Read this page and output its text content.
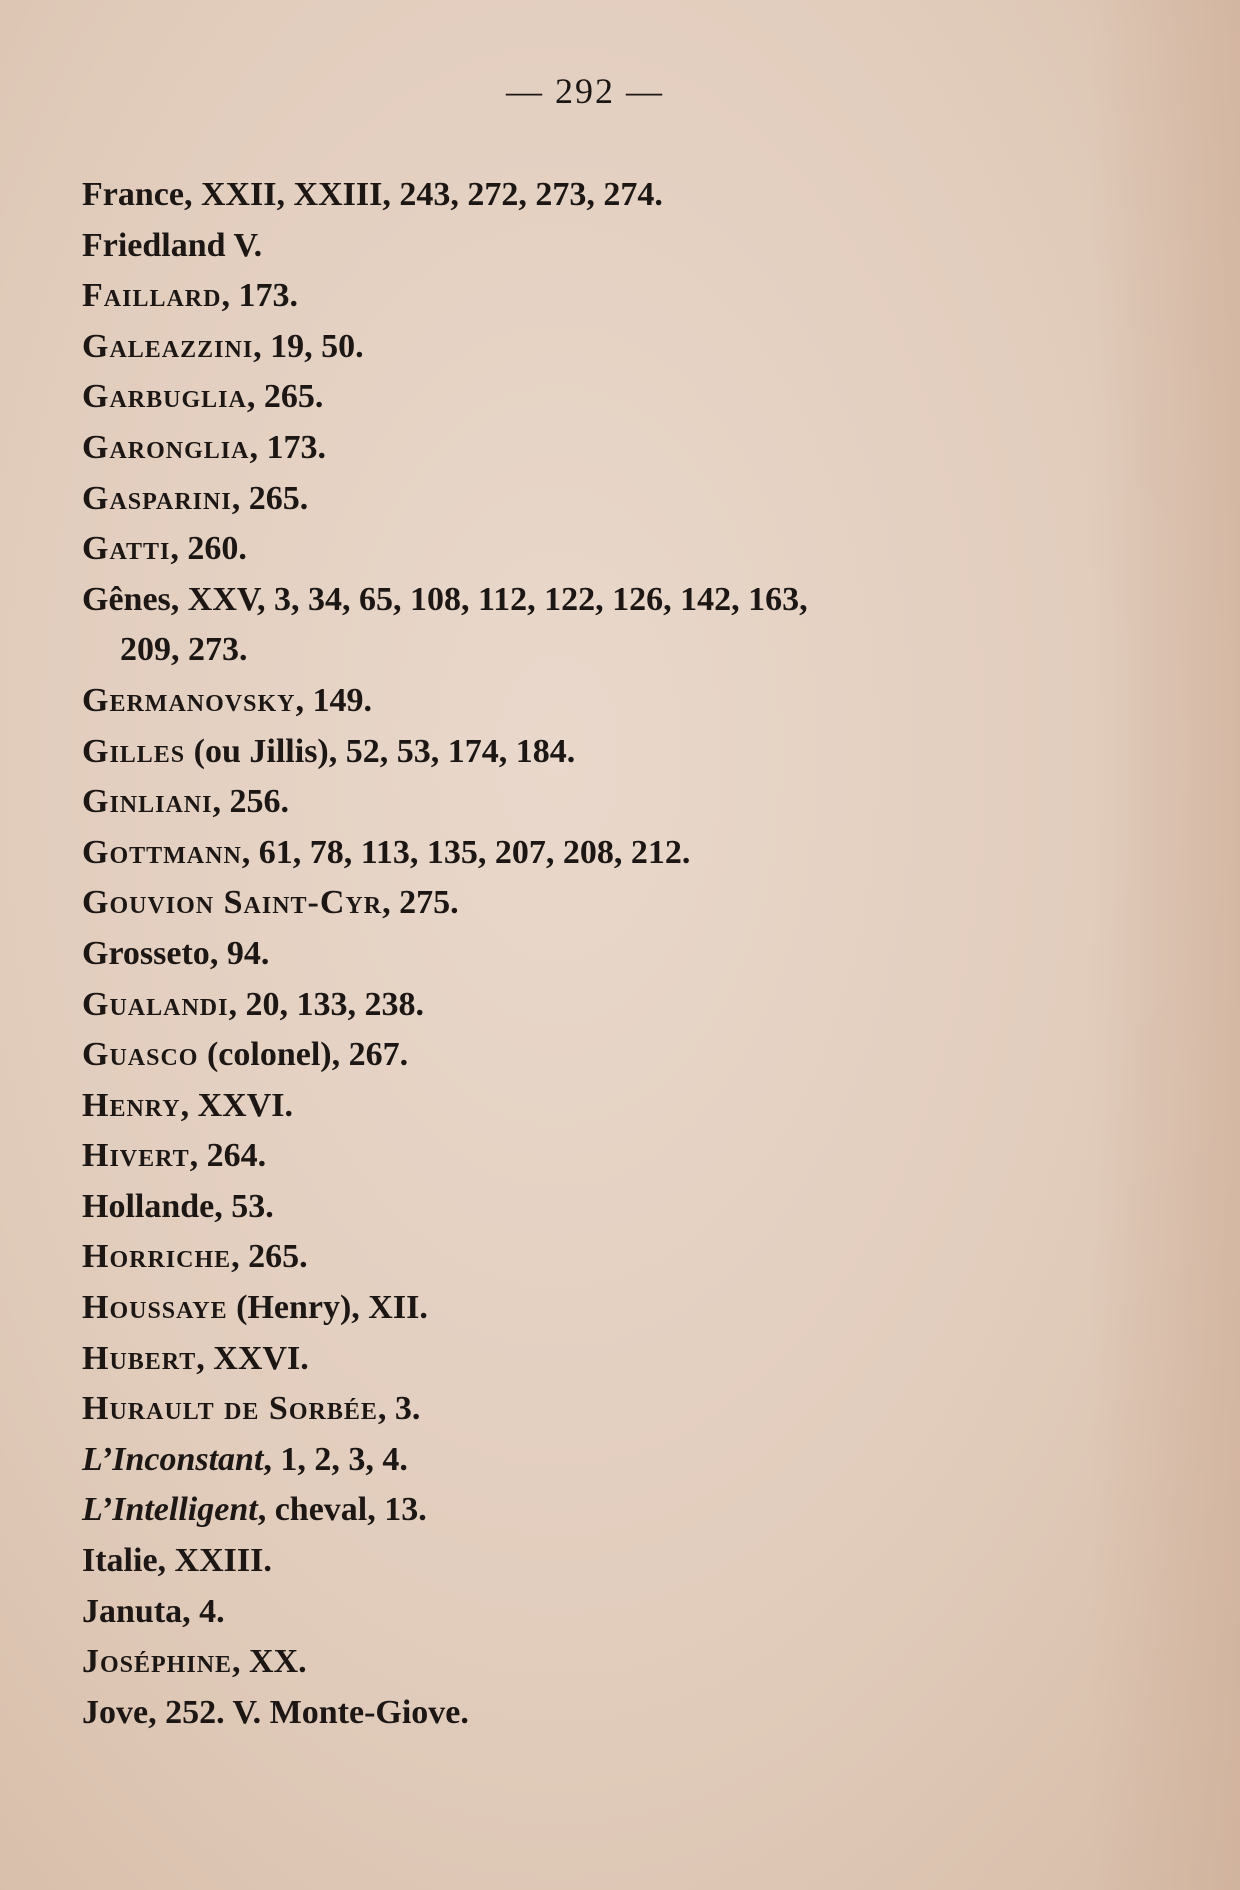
— 292 —
France, XXII, XXIII, 243, 272, 273, 274.
Friedland V.
Faillard, 173.
Galeazzini, 19, 50.
Garbuglia, 265.
Garonglia, 173.
Gasparini, 265.
Gatti, 260.
Gênes, XXV, 3, 34, 65, 108, 112, 122, 126, 142, 163,
209, 273.
Germanovsky, 149.
Gilles (ou Jillis), 52, 53, 174, 184.
Ginliani, 256.
Gottmann, 61, 78, 113, 135, 207, 208, 212.
Gouvion Saint-Cyr, 275.
Grosseto, 94.
Gualandi, 20, 133, 238.
Guasco (colonel), 267.
Henry, XXVI.
Hivert, 264.
Hollande, 53.
Horriche, 265.
Houssaye (Henry), XII.
Hubert, XXVI.
Hurault de Sorbée, 3.
L’Inconstant, 1, 2, 3, 4.
L’Intelligent, cheval, 13.
Italie, XXIII.
Januta, 4.
Joséphine, XX.
Jove, 252. V. Monte-Giove.
